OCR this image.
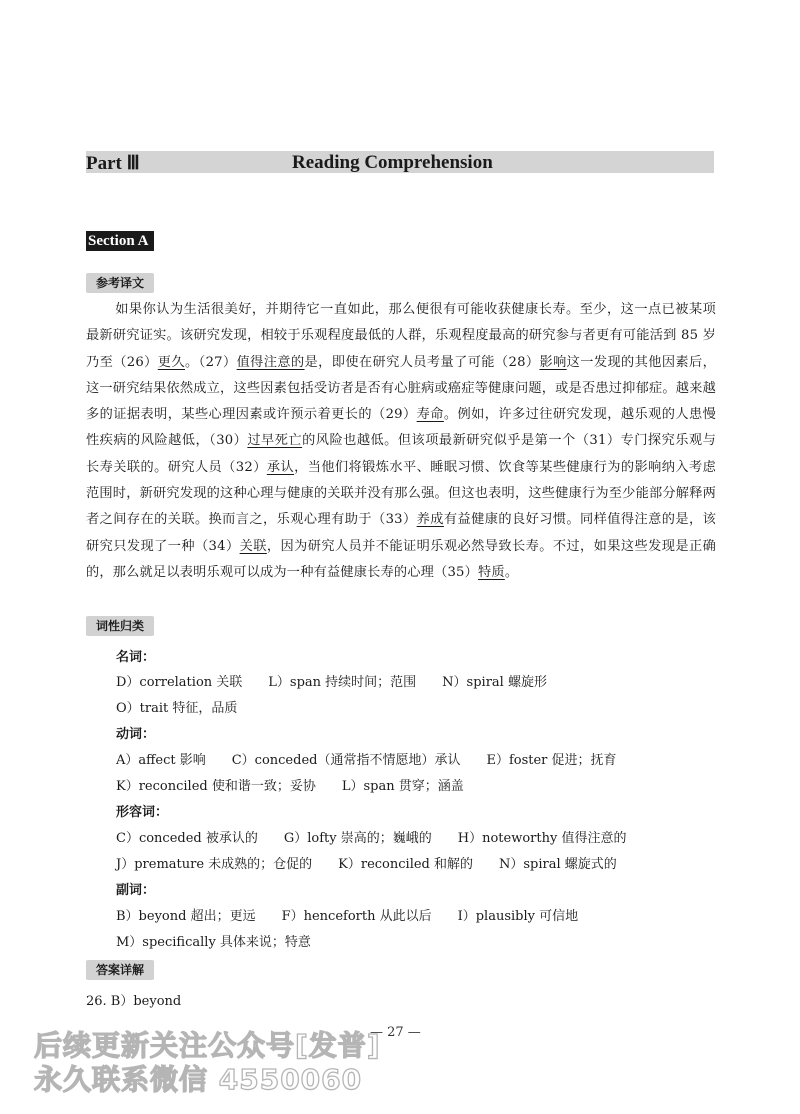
Part Ⅲ	Reading Comprehension
Section A
参考译文
如果你认为生活很美好，并期待它一直如此，那么便很有可能收获健康长寿。至少，这一点已被某项最新研究证实。该研究发现，相较于乐观程度最低的人群，乐观程度最高的研究参与者更有可能活到 85 岁乃至（26）更久。（27）值得注意的是，即使在研究人员考量了可能（28）影响这一发现的其他因素后，这一研究结果依然成立，这些因素包括受访者是否有心脏病或癌症等健康问题，或是否患过抑郁症。越来越多的证据表明，某些心理因素或许预示着更长的（29）寿命。例如，许多过往研究发现，越乐观的人患慢性疾病的风险越低，（30）过早死亡的风险也越低。但该项最新研究似乎是第一个（31）专门探究乐观与长寿关联的。研究人员（32）承认，当他们将锻炼水平、睡眠习惯、饮食等某些健康行为的影响纳入考虑范围时，新研究发现的这种心理与健康的关联并没有那么强。但这也表明，这些健康行为至少能部分解释两者之间存在的关联。换而言之，乐观心理有助于（33）养成有益健康的良好习惯。同样值得注意的是，该研究只发现了一种（34）关联，因为研究人员并不能证明乐观必然导致长寿。不过，如果这些发现是正确的，那么就足以表明乐观可以成为一种有益健康长寿的心理（35）特质。
词性归类
名词：
D）correlation 关联 L）span 持续时间；范围 N）spiral 螺旋形
O）trait 特征，品质
动词：
A）affect 影响 C）conceded（通常指不情愿地）承认 E）foster 促进；抚育
K）reconciled 使和谐一致；妥协 L）span 贯穿；涵盖
形容词：
C）conceded 被承认的 G）lofty 崇高的；巍峨的 H）noteworthy 值得注意的
J）premature 未成熟的；仓促的 K）reconciled 和解的 N）spiral 螺旋式的
副词：
B）beyond 超出；更远 F）henceforth 从此以后 I）plausibly 可信地
M）specifically 具体来说；特意
答案详解
26. B）beyond
— 27 —
后续更新关注公众号[发普]
永久联系微信 4550060
